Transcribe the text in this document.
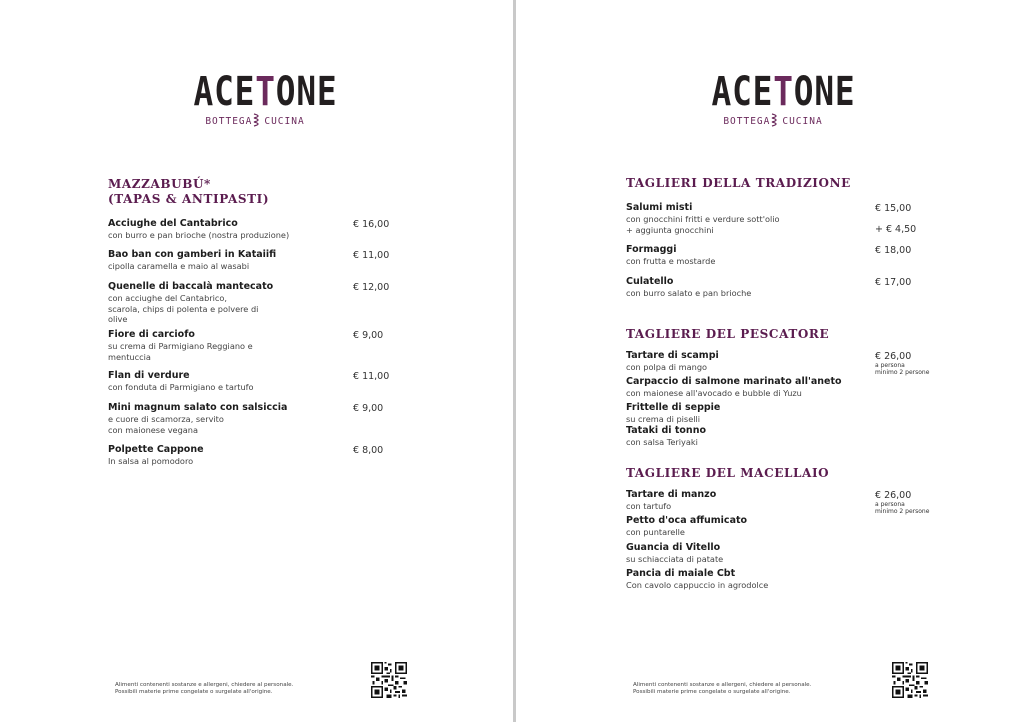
ACETONE
BOTTEGA CUCINA
MAZZABUBÚ*
(TAPAS & ANTIPASTI)
Acciughe del Cantabrico
con burro e pan brioche (nostra produzione)
€ 16,00
Bao ban con gamberi in Kataiifi
cipolla caramella e maio al wasabi
€ 11,00
Quenelle di baccalà mantecato
con acciughe del Cantabrico,
scarola, chips di polenta e polvere di
olive
€ 12,00
Fiore di carciofo
su crema di Parmigiano Reggiano e
mentuccia
€ 9,00
Flan di verdure
con fonduta di Parmigiano e tartufo
€ 11,00
Mini magnum salato con salsiccia
e cuore di scamorza, servito
con maionese vegana
€ 9,00
Polpette Cappone
In salsa al pomodoro
€ 8,00
Alimenti contenenti sostanze e allergeni, chiedere al personale.
Possibili materie prime congelate o surgelate all'origine.
ACETONE
BOTTEGA CUCINA
TAGLIERI DELLA TRADIZIONE
Salumi misti
con gnocchini fritti e verdure sott'olio
+ aggiunta gnocchini
€ 15,00
+ € 4,50
Formaggi
con frutta e mostarde
€ 18,00
Culatello
con burro salato e pan brioche
€ 17,00
TAGLIERE DEL PESCATORE
€ 26,00
a persona
minimo 2 persone
Tartare di scampi
con polpa di mango
Carpaccio di salmone marinato all'aneto
con maionese all'avocado e bubble di Yuzu
Frittelle di seppie
su crema di piselli
Tataki di tonno
con salsa Teriyaki
TAGLIERE DEL MACELLAIO
€ 26,00
a persona
minimo 2 persone
Tartare di manzo
con tartufo
Petto d'oca affumicato
con puntarelle
Guancia di Vitello
su schiacciata di patate
Pancia di maiale Cbt
Con cavolo cappuccio in agrodolce
Alimenti contenenti sostanze e allergeni, chiedere al personale.
Possibili materie prime congelate o surgelate all'origine.
